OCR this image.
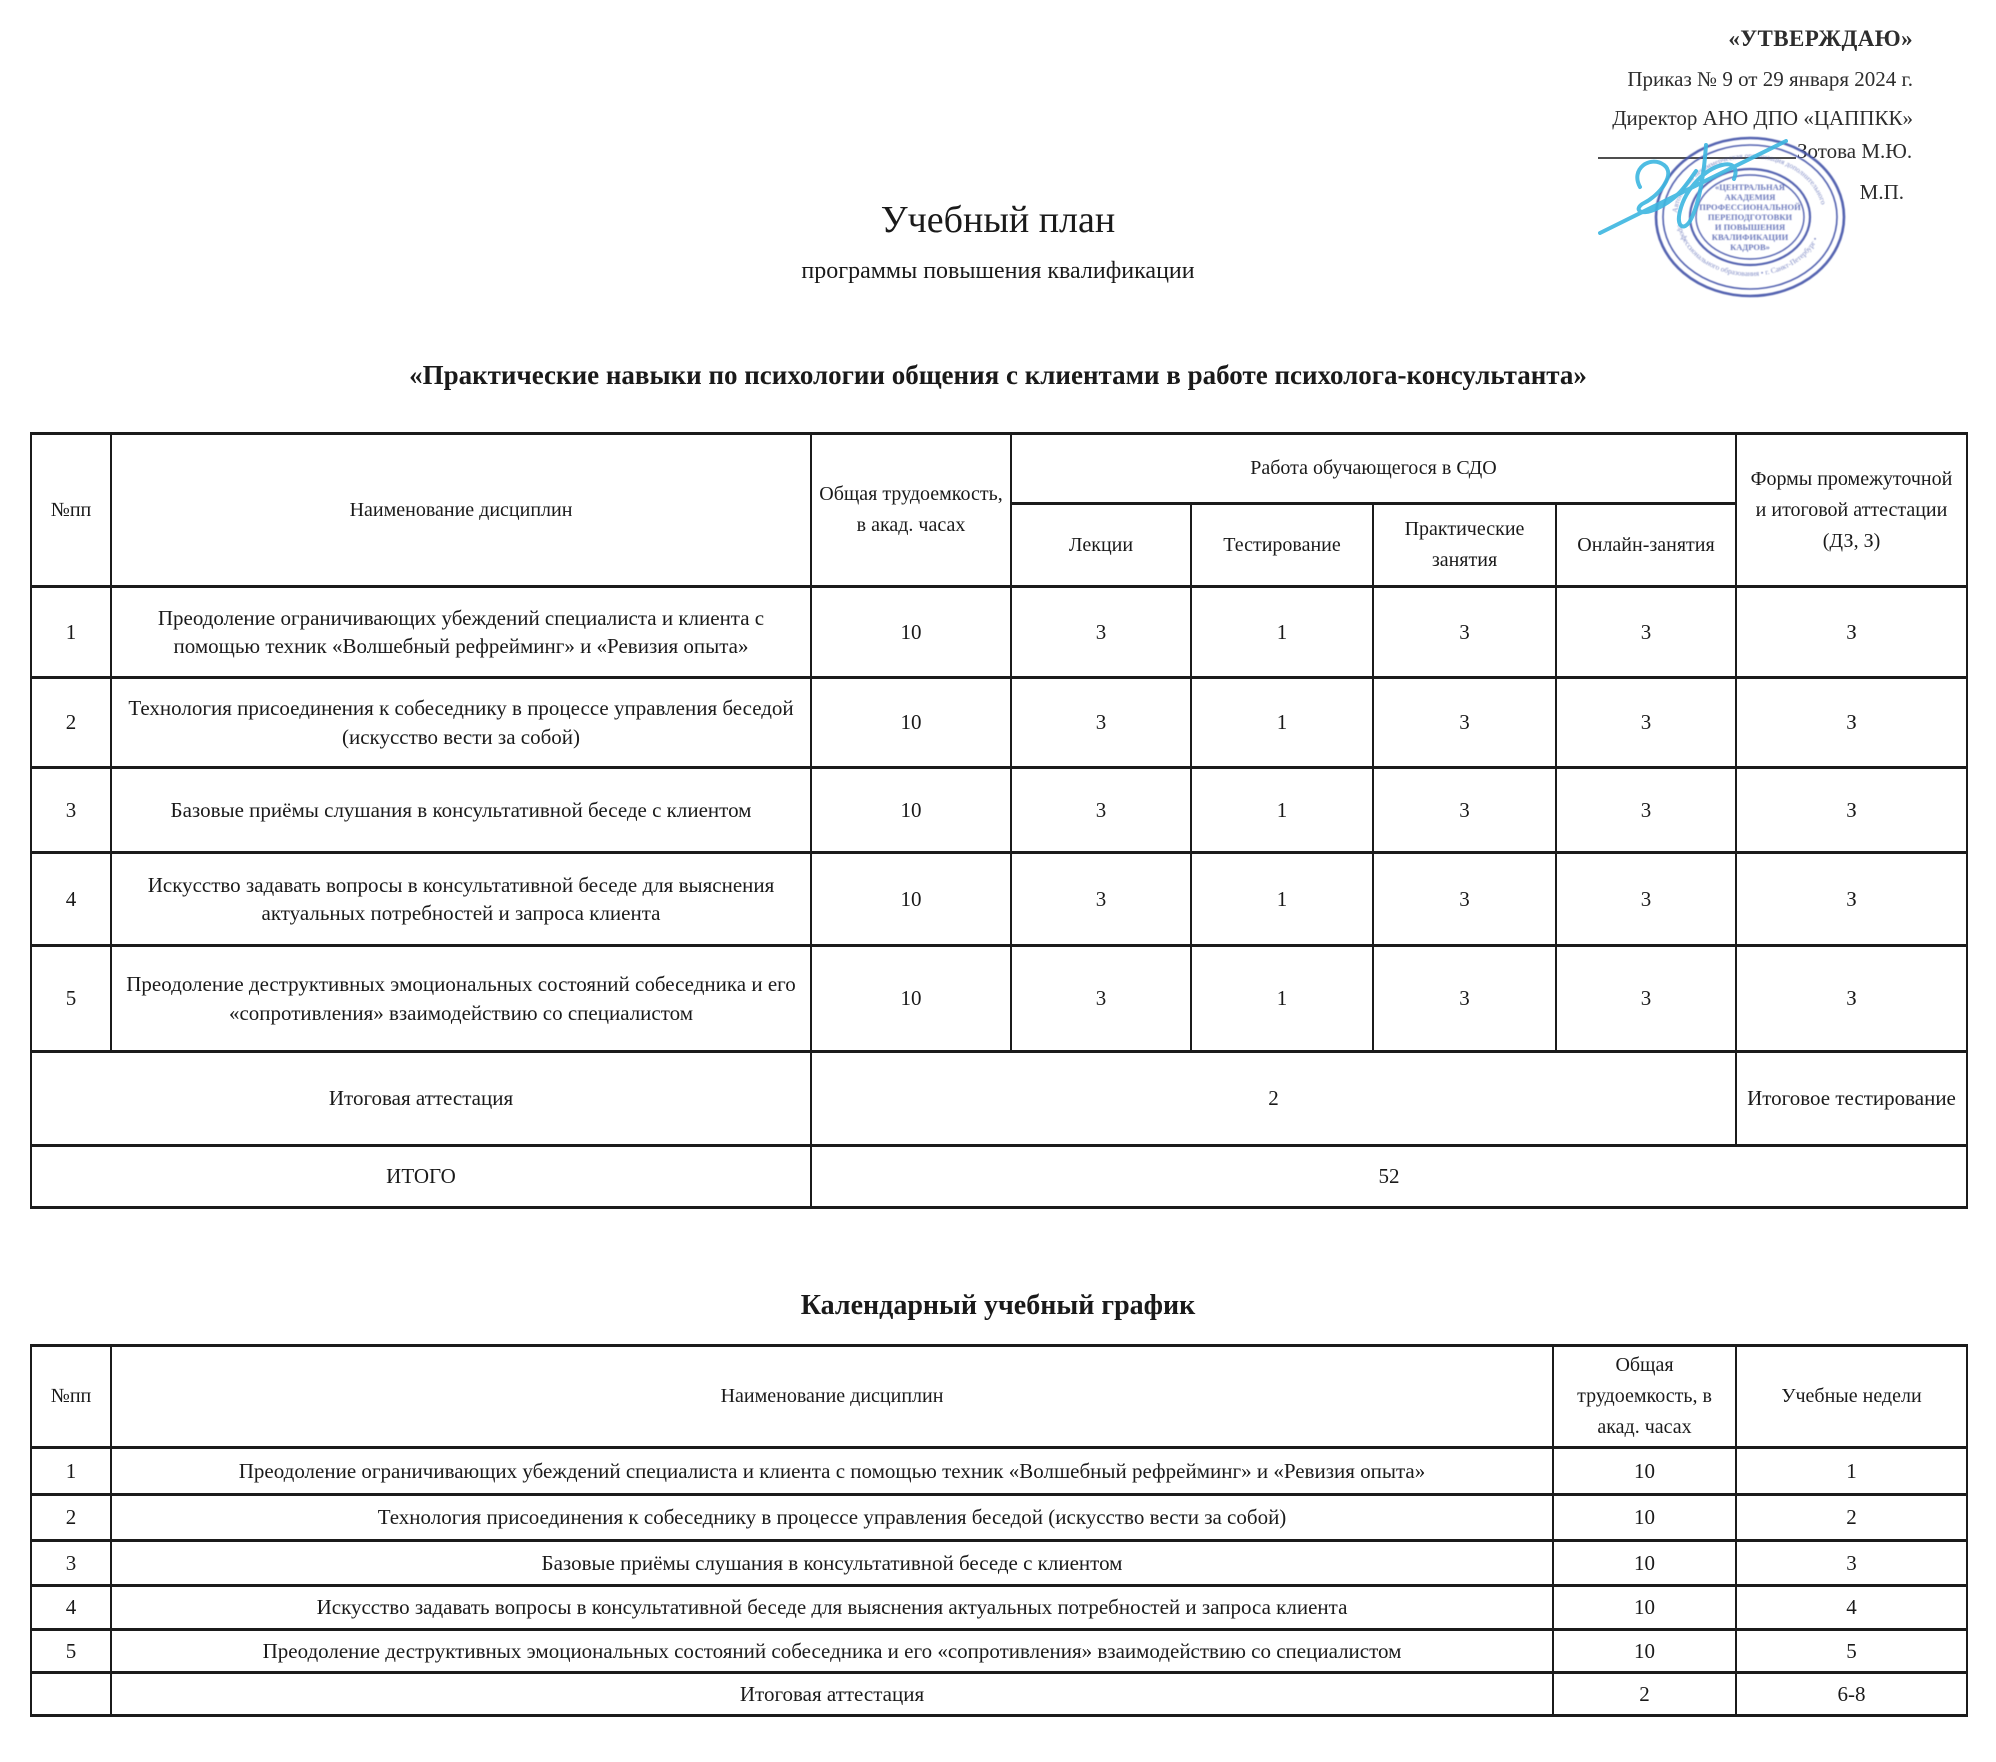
«УТВЕРЖДАЮ»
Приказ № 9 от 29 января 2024 г.
Директор АНО ДПО «ЦАППКК»
Зотова М.Ю.
М.П.
Автономная некоммерческая организация дополнительного
профессионального образования • г. Санкт-Петербург •
«ЦЕНТРАЛЬНАЯ
АКАДЕМИЯ
ПРОФЕССИОНАЛЬНОЙ
ПЕРЕПОДГОТОВКИ
И ПОВЫШЕНИЯ
КВАЛИФИКАЦИИ
КАДРОВ»
Учебный план
программы повышения квалификации
«Практические навыки по психологии общения с клиентами в работе психолога-консультанта»
№пп	Наименование дисциплин	Общая трудоемкость, в акад. часах	Работа обучающегося в СДО				Формы промежуточной и итоговой аттестации (ДЗ, З)
			Лекции	Тестирование	Практические занятия	Онлайн-занятия	
1	Преодоление ограничивающих убеждений специалиста и клиента с помощью техник «Волшебный рефрейминг» и «Ревизия опыта»	10	3	1	3	3	З
2	Технология присоединения к собеседнику в процессе управления беседой (искусство вести за собой)	10	3	1	3	3	З
3	Базовые приёмы слушания в консультативной беседе с клиентом	10	3	1	3	3	З
4	Искусство задавать вопросы в консультативной беседе для выяснения актуальных потребностей и запроса клиента	10	3	1	3	3	З
5	Преодоление деструктивных эмоциональных состояний собеседника и его «сопротивления» взаимодействию со специалистом	10	3	1	3	3	З
Итоговая аттестация		2					Итоговое тестирование
ИТОГО		52					
Календарный учебный график
№пп	Наименование дисциплин	Общая трудоемкость, в акад. часах	Учебные недели
1	Преодоление ограничивающих убеждений специалиста и клиента с помощью техник «Волшебный рефрейминг» и «Ревизия опыта»	10	1
2	Технология присоединения к собеседнику в процессе управления беседой (искусство вести за собой)	10	2
3	Базовые приёмы слушания в консультативной беседе с клиентом	10	3
4	Искусство задавать вопросы в консультативной беседе для выяснения актуальных потребностей и запроса клиента	10	4
5	Преодоление деструктивных эмоциональных состояний собеседника и его «сопротивления» взаимодействию со специалистом	10	5
	Итоговая аттестация	2	6-8
